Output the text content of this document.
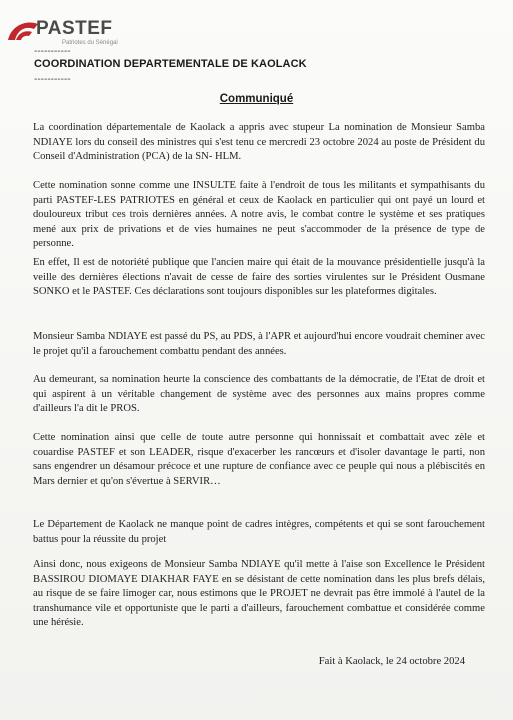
PASTEF
Patriotes du Sénégal
-----------
COORDINATION DEPARTEMENTALE DE KAOLACK
-----------
Communiqué

La coordination départementale de Kaolack a appris avec stupeur La nomination de Monsieur Samba NDIAYE lors du conseil des ministres qui s'est tenu ce mercredi 23 octobre 2024 au poste de Président du Conseil d'Administration (PCA) de la SN- HLM.

Cette nomination sonne comme une INSULTE faite à l'endroit de tous les militants et sympathisants du parti PASTEF-LES PATRIOTES en général et ceux de Kaolack en particulier qui ont payé un lourd et douloureux tribut ces trois dernières années. A notre avis, le combat contre le système et ses pratiques mené aux prix de privations et de vies humaines ne peut s'accommoder de la présence de type de personne.

En effet, Il est de notoriété publique que l'ancien maire qui était de la mouvance présidentielle jusqu'à la veille des dernières élections n'avait de cesse de faire des sorties virulentes sur le Président Ousmane SONKO et le PASTEF. Ces déclarations sont toujours disponibles sur les plateformes digitales.

Monsieur Samba NDIAYE est passé du PS, au PDS, à l'APR et aujourd'hui encore voudrait cheminer avec le projet qu'il a farouchement combattu pendant des années.

Au demeurant, sa nomination heurte la conscience des combattants de la démocratie, de l'Etat de droit et qui aspirent à un véritable changement de système avec des personnes aux mains propres comme d'ailleurs l'a dit le PROS.

Cette nomination ainsi que celle de toute autre personne qui honnissait et combattait avec zèle et couardise PASTEF et son LEADER, risque d'exacerber les rancœurs et d'isoler davantage le parti, non sans engendrer un désamour précoce et une rupture de confiance avec ce peuple qui nous a plébiscités en Mars dernier et qu'on s'évertue à SERVIR…

Le Département de Kaolack ne manque point de cadres intègres, compétents et qui se sont farouchement battus pour la réussite du projet

Ainsi donc, nous exigeons de Monsieur Samba NDIAYE qu'il mette à l'aise son Excellence le Président BASSIROU DIOMAYE DIAKHAR FAYE en se désistant de cette nomination dans les plus brefs délais, au risque de se faire limoger car, nous estimons que le PROJET ne devrait pas être immolé à l'autel de la transhumance vile et opportuniste que le parti a d'ailleurs, farouchement combattue et considérée comme une hérésie.

Fait à Kaolack, le 24 octobre 2024
